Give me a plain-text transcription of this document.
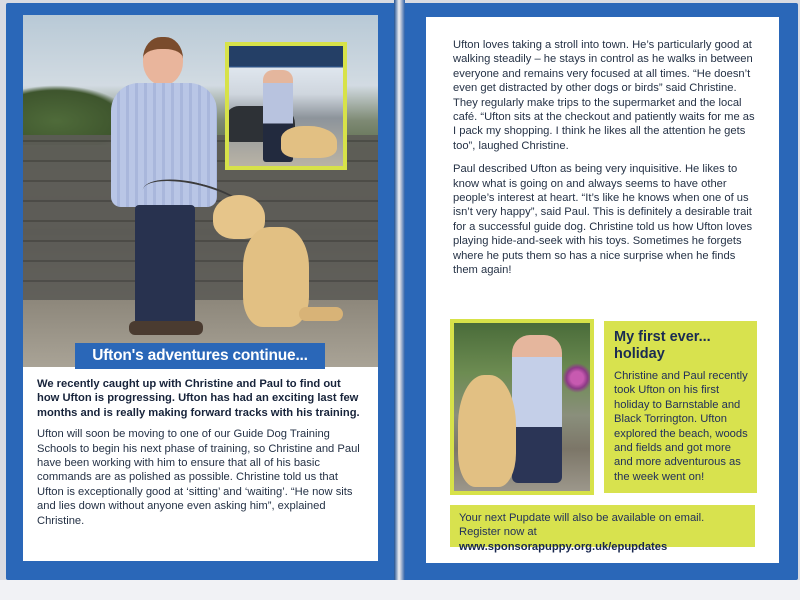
Ufton's adventures continue...

We recently caught up with Christine and Paul to find out how Ufton is progressing. Ufton has had an exciting last few months and is really making forward tracks with his training.

Ufton will soon be moving to one of our Guide Dog Training Schools to begin his next phase of training, so Christine and Paul have been working with him to ensure that all of his basic commands are as polished as possible. Christine told us that Ufton is exceptionally good at ‘sitting’ and ‘waiting’. “He now sits and lies down without anyone even asking him”, explained Christine.

Ufton loves taking a stroll into town. He’s particularly good at walking steadily – he stays in control as he walks in between everyone and remains very focused at all times. “He doesn’t even get distracted by other dogs or birds” said Christine. They regularly make trips to the supermarket and the local café. “Ufton sits at the checkout and patiently waits for me as I pack my shopping. I think he likes all the attention he gets too”, laughed Christine.

Paul described Ufton as being very inquisitive. He likes to know what is going on and always seems to have other people’s interest at heart. “It’s like he knows when one of us isn’t very happy”, said Paul. This is definitely a desirable trait for a successful guide dog. Christine told us how Ufton loves playing hide-and-seek with his toys. Sometimes he forgets where he puts them so has a nice surprise when he finds them again!

My first ever... holiday

Christine and Paul recently took Ufton on his first holiday to Barnstable and Black Torrington. Ufton explored the beach, woods and fields and got more and more adventurous as the week went on!

Your next Pupdate will also be available on email.
Register now at www.sponsorapuppy.org.uk/epupdates
